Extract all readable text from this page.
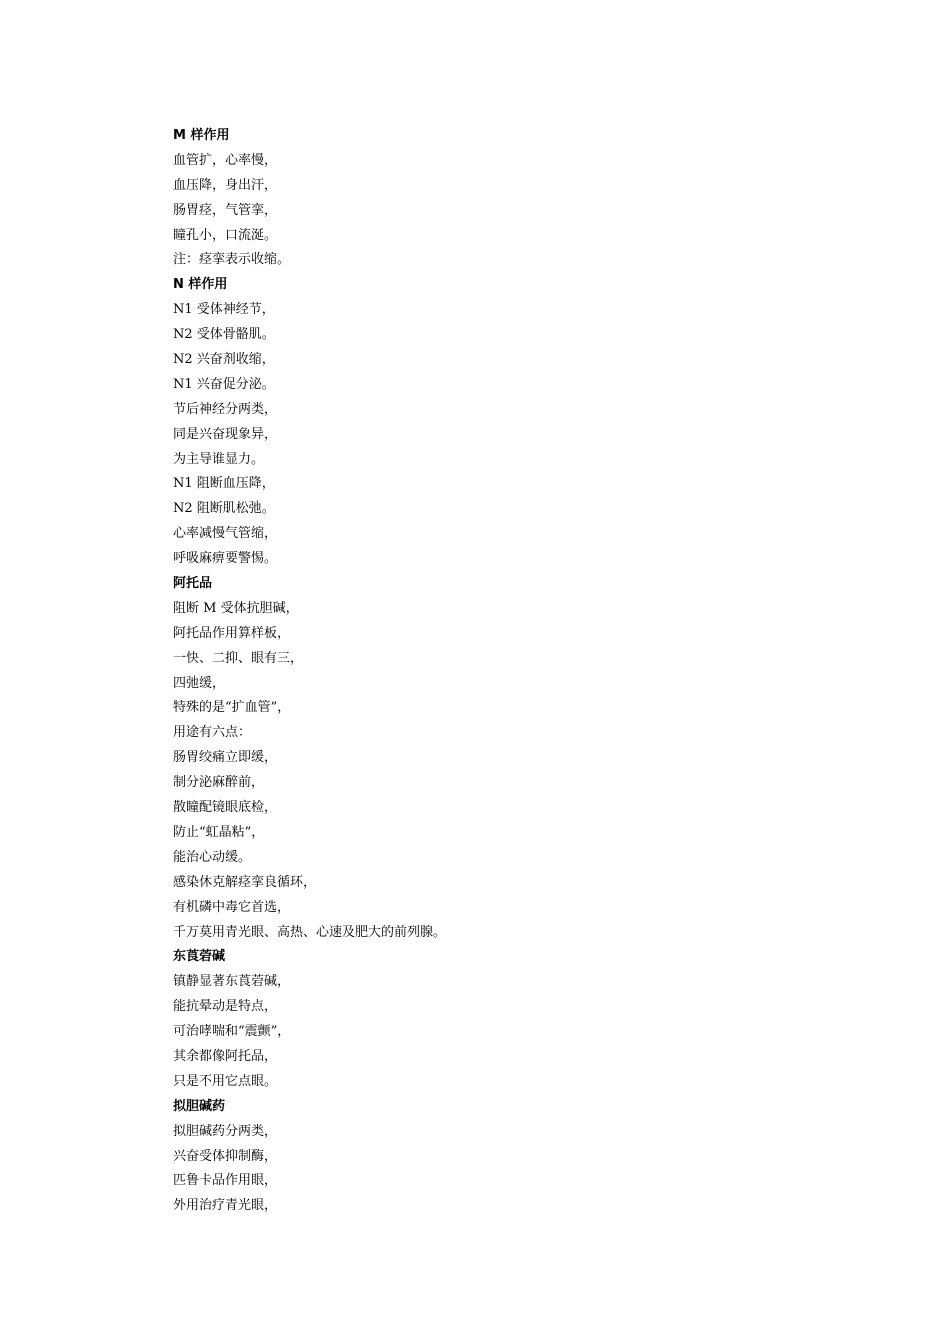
M 样作用
血管扩，心率慢，
血压降，身出汗，
肠胃痉，气管挛，
瞳孔小，口流涎。
注：痉挛表示收缩。
N 样作用
N1 受体神经节，
N2 受体骨骼肌。
N2 兴奋剂收缩，
N1 兴奋促分泌。
节后神经分两类，
同是兴奋现象异，
为主导谁显力。
N1 阻断血压降，
N2 阻断肌松弛。
心率减慢气管缩，
呼吸麻痹要警惕。
阿托品
阻断 M 受体抗胆碱，
阿托品作用算样板，
一快、二抑、眼有三，
四弛缓，
特殊的是“扩血管”，
用途有六点：
肠胃绞痛立即缓，
制分泌麻醉前，
散瞳配镜眼底检，
防止“虹晶粘”，
能治心动缓。
感染休克解痉挛良循环，
有机磷中毒它首选，
千万莫用青光眼、高热、心速及肥大的前列腺。
东莨菪碱
镇静显著东莨菪碱，
能抗晕动是特点，
可治哮喘和“震颤”，
其余都像阿托品，
只是不用它点眼。
拟胆碱药
拟胆碱药分两类，
兴奋受体抑制酶，
匹鲁卡品作用眼，
外用治疗青光眼，
